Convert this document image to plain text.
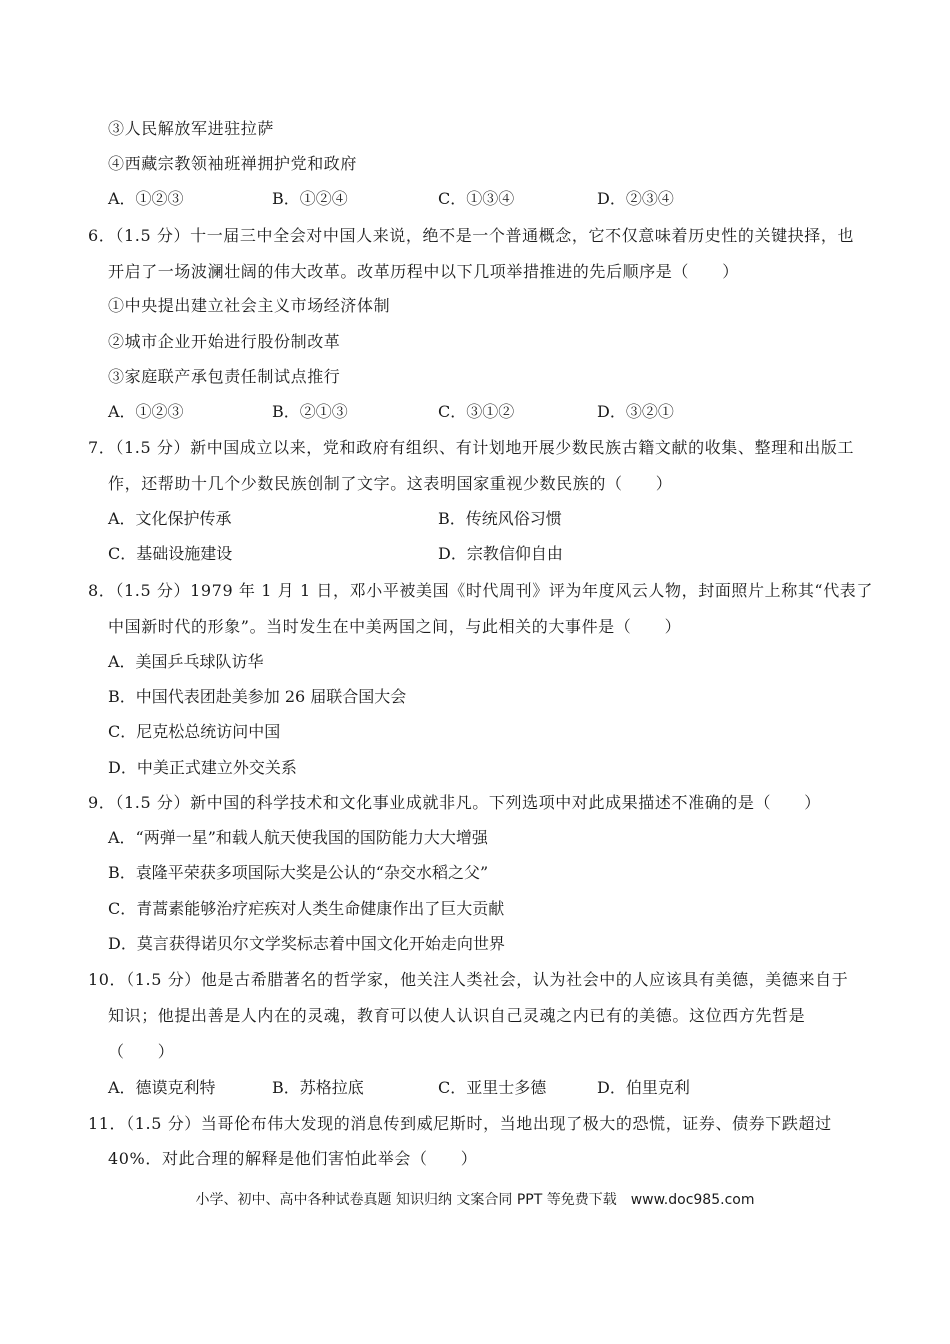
③人民解放军进驻拉萨
④西藏宗教领袖班禅拥护党和政府
A．①②③	B．①②④	C．①③④	D．②③④
6．（1.5 分）十一届三中全会对中国人来说，绝不是一个普通概念，它不仅意味着历史性的关键抉择，也
开启了一场波澜壮阔的伟大改革。改革历程中以下几项举措推进的先后顺序是（　　）
①中央提出建立社会主义市场经济体制
②城市企业开始进行股份制改革
③家庭联产承包责任制试点推行
A．①②③	B．②①③	C．③①②	D．③②①
7．（1.5 分）新中国成立以来，党和政府有组织、有计划地开展少数民族古籍文献的收集、整理和出版工
作，还帮助十几个少数民族创制了文字。这表明国家重视少数民族的（　　）
A．文化保护传承	B．传统风俗习惯
C．基础设施建设	D．宗教信仰自由
8．（1.5 分）1979 年 1 月 1 日，邓小平被美国《时代周刊》评为年度风云人物，封面照片上称其“代表了
中国新时代的形象”。当时发生在中美两国之间，与此相关的大事件是（　　）
A．美国乒乓球队访华
B．中国代表团赴美参加 26 届联合国大会
C．尼克松总统访问中国
D．中美正式建立外交关系
9．（1.5 分）新中国的科学技术和文化事业成就非凡。下列选项中对此成果描述不准确的是（　　）
A．“两弹一星”和载人航天使我国的国防能力大大增强
B．袁隆平荣获多项国际大奖是公认的“杂交水稻之父”
C．青蒿素能够治疗疟疾对人类生命健康作出了巨大贡献
D．莫言获得诺贝尔文学奖标志着中国文化开始走向世界
10．（1.5 分）他是古希腊著名的哲学家，他关注人类社会，认为社会中的人应该具有美德，美德来自于
知识；他提出善是人内在的灵魂，教育可以使人认识自己灵魂之内已有的美德。这位西方先哲是
（　　）
A．德谟克利特	B．苏格拉底	C．亚里士多德	D．伯里克利
11．（1.5 分）当哥伦布伟大发现的消息传到威尼斯时，当地出现了极大的恐慌，证券、债券下跌超过
40%．对此合理的解释是他们害怕此举会（　　）
小学、初中、高中各种试卷真题 知识归纳 文案合同 PPT 等免费下载　www.doc985.com
